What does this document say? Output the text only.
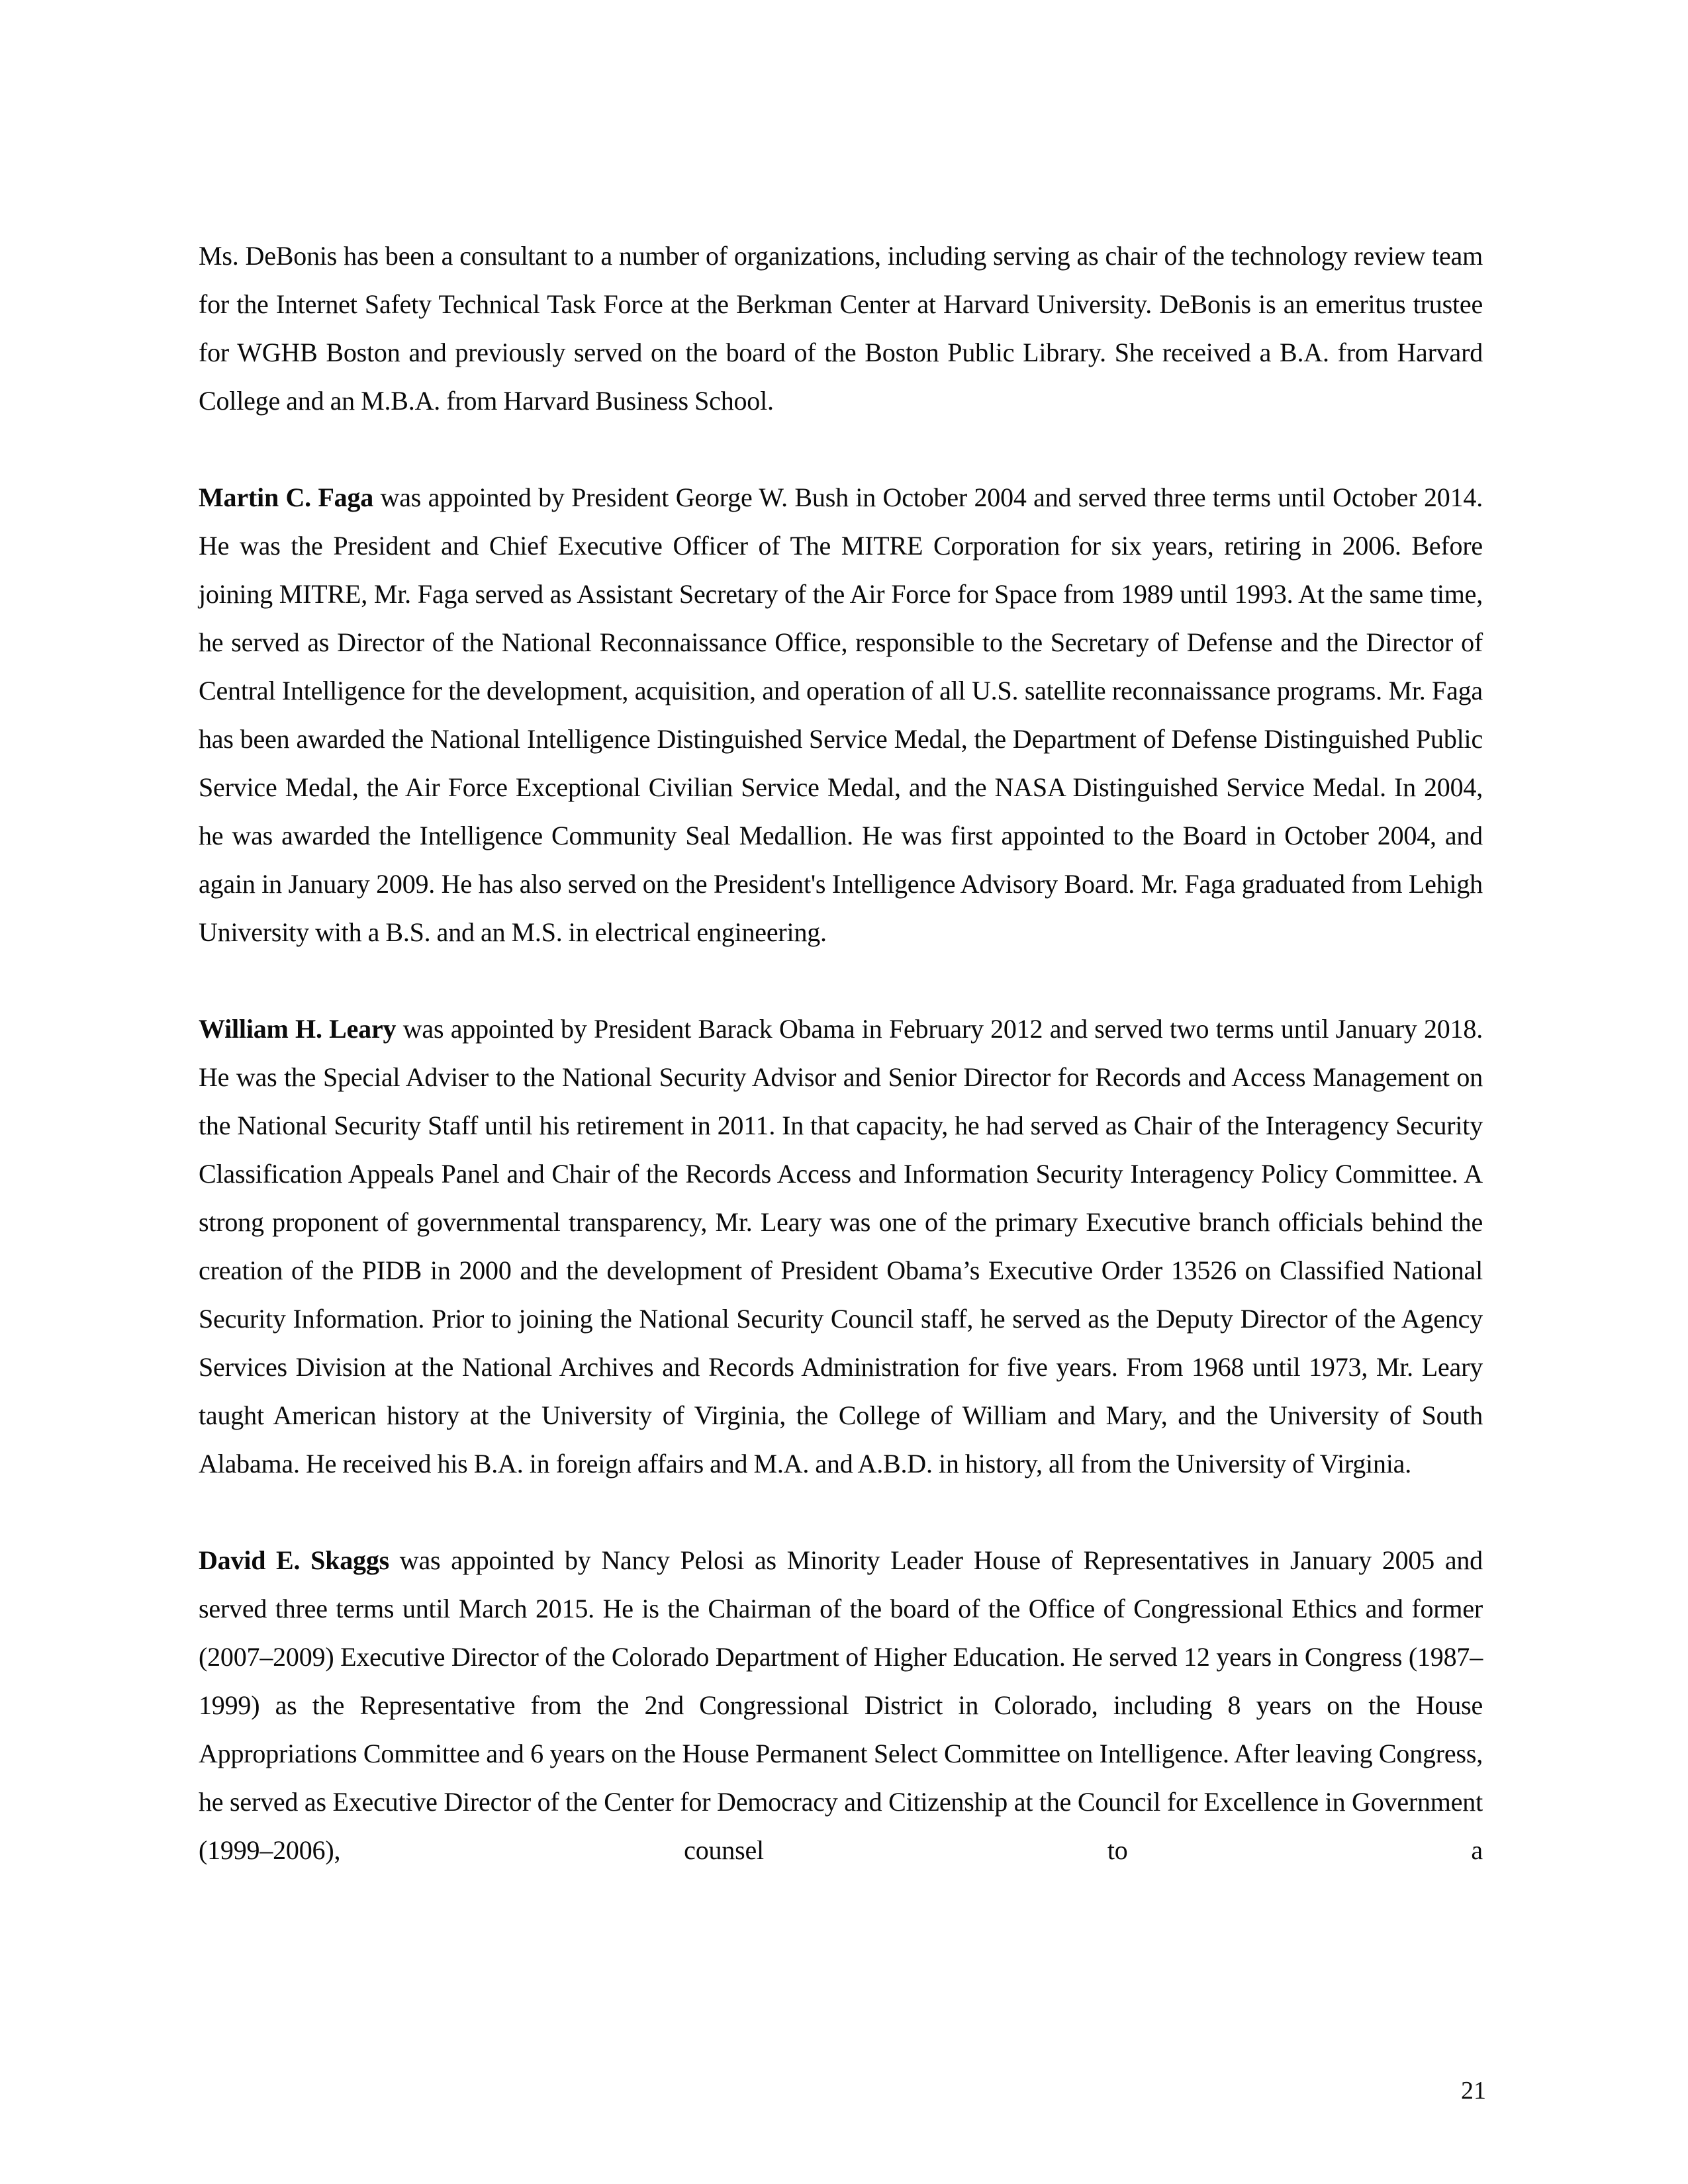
Ms. DeBonis has been a consultant to a number of organizations, including serving as chair of the technology review team for the Internet Safety Technical Task Force at the Berkman Center at Harvard University. DeBonis is an emeritus trustee for WGHB Boston and previously served on the board of the Boston Public Library. She received a B.A. from Harvard College and an M.B.A. from Harvard Business School.

Martin C. Faga was appointed by President George W. Bush in October 2004 and served three terms until October 2014. He was the President and Chief Executive Officer of The MITRE Corporation for six years, retiring in 2006. Before joining MITRE, Mr. Faga served as Assistant Secretary of the Air Force for Space from 1989 until 1993. At the same time, he served as Director of the National Reconnaissance Office, responsible to the Secretary of Defense and the Director of Central Intelligence for the development, acquisition, and operation of all U.S. satellite reconnaissance programs. Mr. Faga has been awarded the National Intelligence Distinguished Service Medal, the Department of Defense Distinguished Public Service Medal, the Air Force Exceptional Civilian Service Medal, and the NASA Distinguished Service Medal. In 2004, he was awarded the Intelligence Community Seal Medallion. He was first appointed to the Board in October 2004, and again in January 2009. He has also served on the President's Intelligence Advisory Board. Mr. Faga graduated from Lehigh University with a B.S. and an M.S. in electrical engineering.

William H. Leary was appointed by President Barack Obama in February 2012 and served two terms until January 2018. He was the Special Adviser to the National Security Advisor and Senior Director for Records and Access Management on the National Security Staff until his retirement in 2011. In that capacity, he had served as Chair of the Interagency Security Classification Appeals Panel and Chair of the Records Access and Information Security Interagency Policy Committee. A strong proponent of governmental transparency, Mr. Leary was one of the primary Executive branch officials behind the creation of the PIDB in 2000 and the development of President Obama’s Executive Order 13526 on Classified National Security Information. Prior to joining the National Security Council staff, he served as the Deputy Director of the Agency Services Division at the National Archives and Records Administration for five years. From 1968 until 1973, Mr. Leary taught American history at the University of Virginia, the College of William and Mary, and the University of South Alabama. He received his B.A. in foreign affairs and M.A. and A.B.D. in history, all from the University of Virginia.

David E. Skaggs was appointed by Nancy Pelosi as Minority Leader House of Representatives in January 2005 and served three terms until March 2015. He is the Chairman of the board of the Office of Congressional Ethics and former (2007–2009) Executive Director of the Colorado Department of Higher Education. He served 12 years in Congress (1987–1999) as the Representative from the 2nd Congressional District in Colorado, including 8 years on the House Appropriations Committee and 6 years on the House Permanent Select Committee on Intelligence. After leaving Congress, he served as Executive Director of the Center for Democracy and Citizenship at the Council for Excellence in Government (1999–2006), counsel to a

21
